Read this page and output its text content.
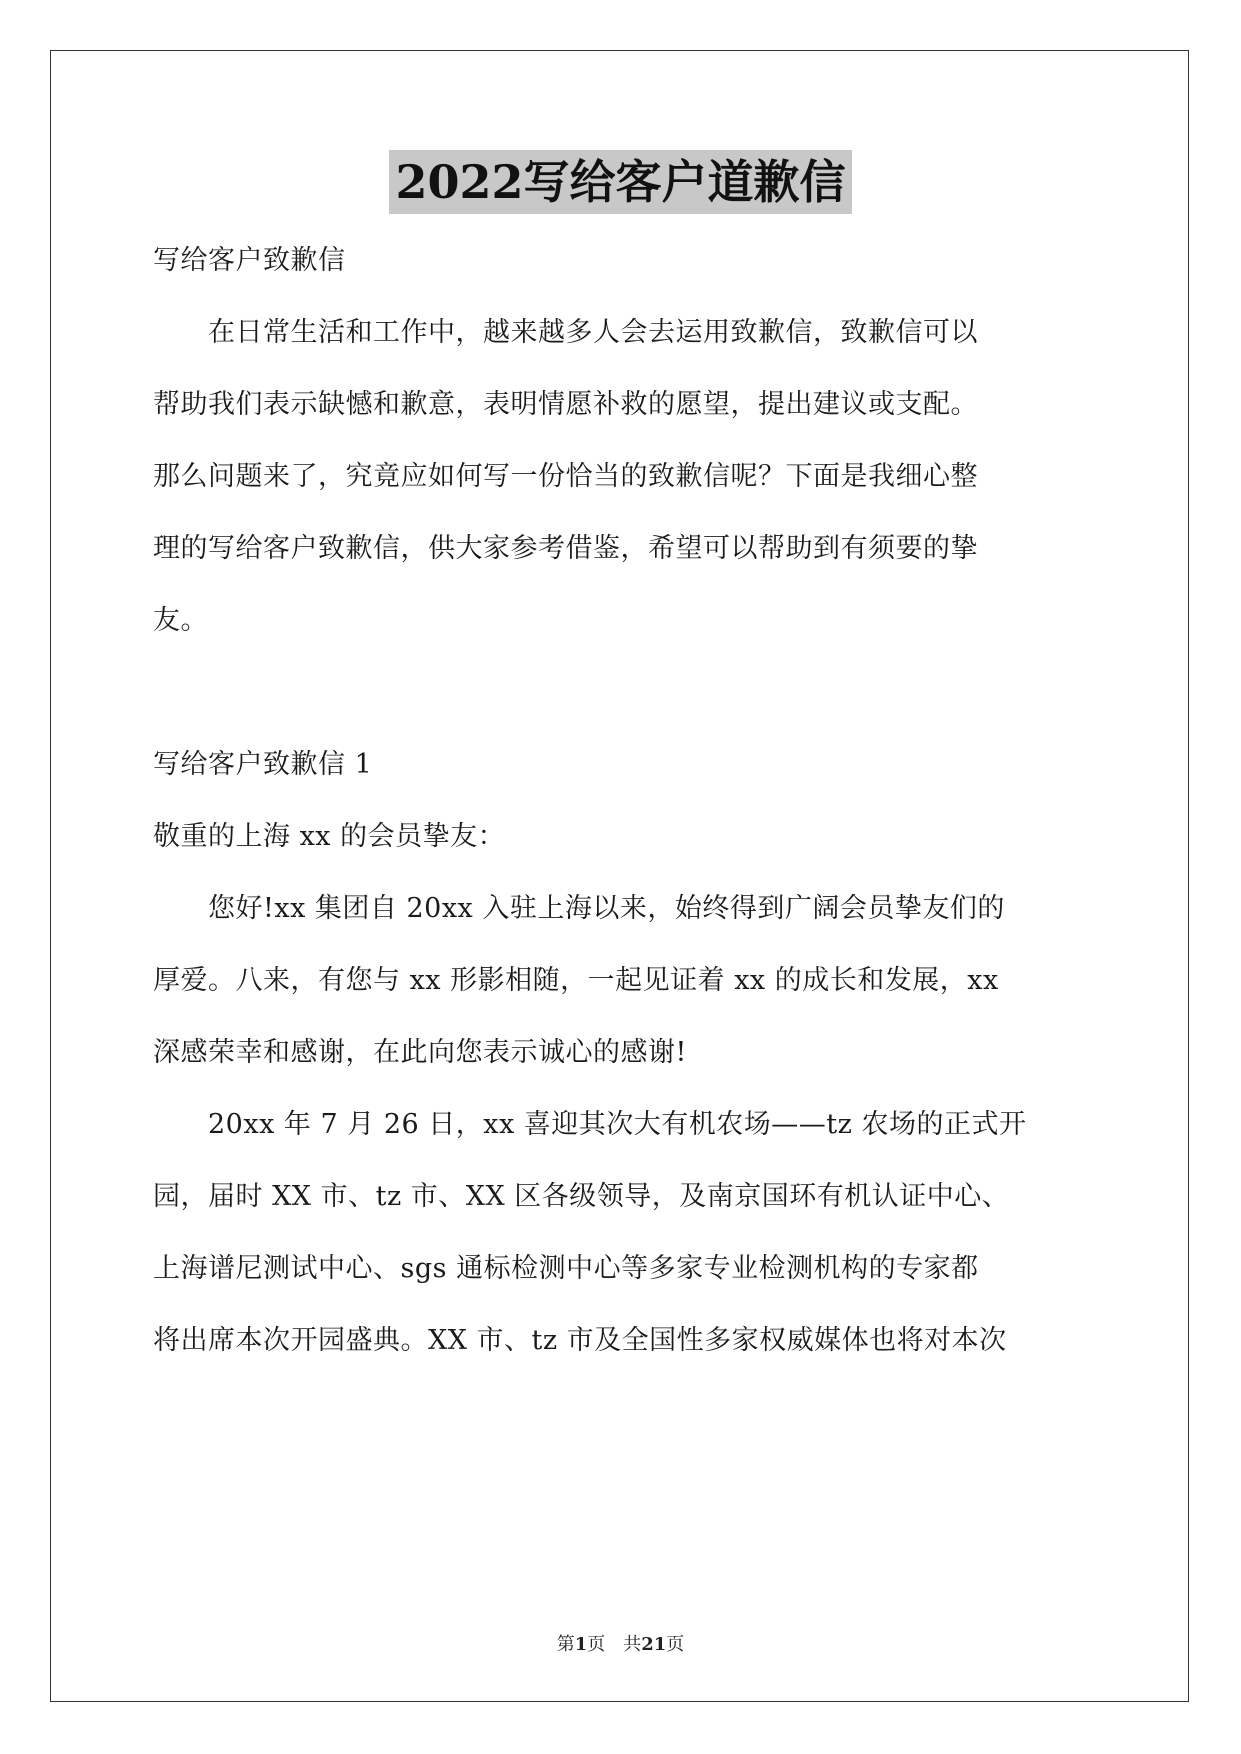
2022写给客户道歉信
写给客户致歉信
　　在日常生活和工作中，越来越多人会去运用致歉信，致歉信可以
帮助我们表示缺憾和歉意，表明情愿补救的愿望，提出建议或支配。
那么问题来了，究竟应如何写一份恰当的致歉信呢？下面是我细心整
理的写给客户致歉信，供大家参考借鉴，希望可以帮助到有须要的挚
友。
写给客户致歉信 1
敬重的上海 xx 的会员挚友：
　　您好!xx 集团自 20xx 入驻上海以来，始终得到广阔会员挚友们的
厚爱。八来，有您与 xx 形影相随，一起见证着 xx 的成长和发展，xx
深感荣幸和感谢，在此向您表示诚心的感谢!
　　20xx 年 7 月 26 日，xx 喜迎其次大有机农场——tz 农场的正式开
园，届时 XX 市、tz 市、XX 区各级领导，及南京国环有机认证中心、
上海谱尼测试中心、sgs 通标检测中心等多家专业检测机构的专家都
将出席本次开园盛典。XX 市、tz 市及全国性多家权威媒体也将对本次
第1页　共21页
